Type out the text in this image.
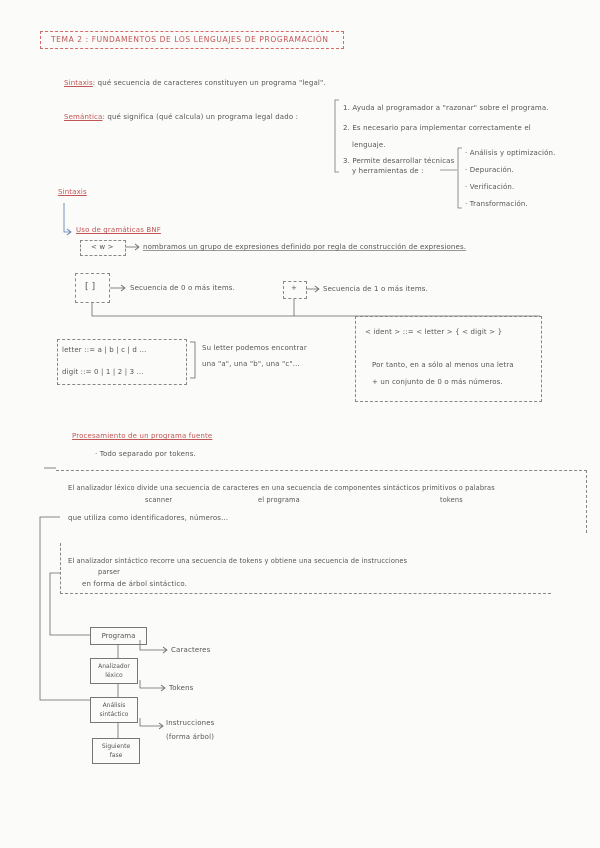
TEMA 2 : FUNDAMENTOS DE LOS LENGUAJES DE PROGRAMACIÓN
Sintaxis: qué secuencia de caracteres constituyen un programa "legal".
Semántica: qué significa (qué calcula) un programa legal dado :
1. Ayuda al programador a "razonar" sobre el programa.
2. Es necesario para implementar correctamente el
lenguaje.
3. Permite desarrollar técnicas
y herramientas de :
· Análisis y optimización.
· Depuración.
· Verificación.
· Transformación.
Sintaxis
Uso de gramáticas BNF
< w >	nombramos un grupo de expresiones definido por regla de construcción de expresiones.
[ ]	Secuencia de 0 o más items.	+	Secuencia de 1 o más items.
letter ::= a | b | c | d ...
digit ::= 0 | 1 | 2 | 3 ...
Su letter podemos encontrar
una "a", una "b", una "c"...
< ident > ::= < letter > { < digit > }
Por tanto, en a sólo al menos una letra
+ un conjunto de 0 o más números.
Procesamiento de un programa fuente
· Todo separado por tokens.
El analizador léxico divide una secuencia de caracteres en una secuencia de componentes sintácticos primitivos o palabras
scanner	el programa	tokens
que utiliza como identificadores, números...
El analizador sintáctico recorre una secuencia de tokens y obtiene una secuencia de instrucciones
parser
en forma de árbol sintáctico.
Programa
Caracteres
Analizador léxico
Tokens
Análisis sintáctico
Instrucciones
(forma árbol)
Siguiente fase
